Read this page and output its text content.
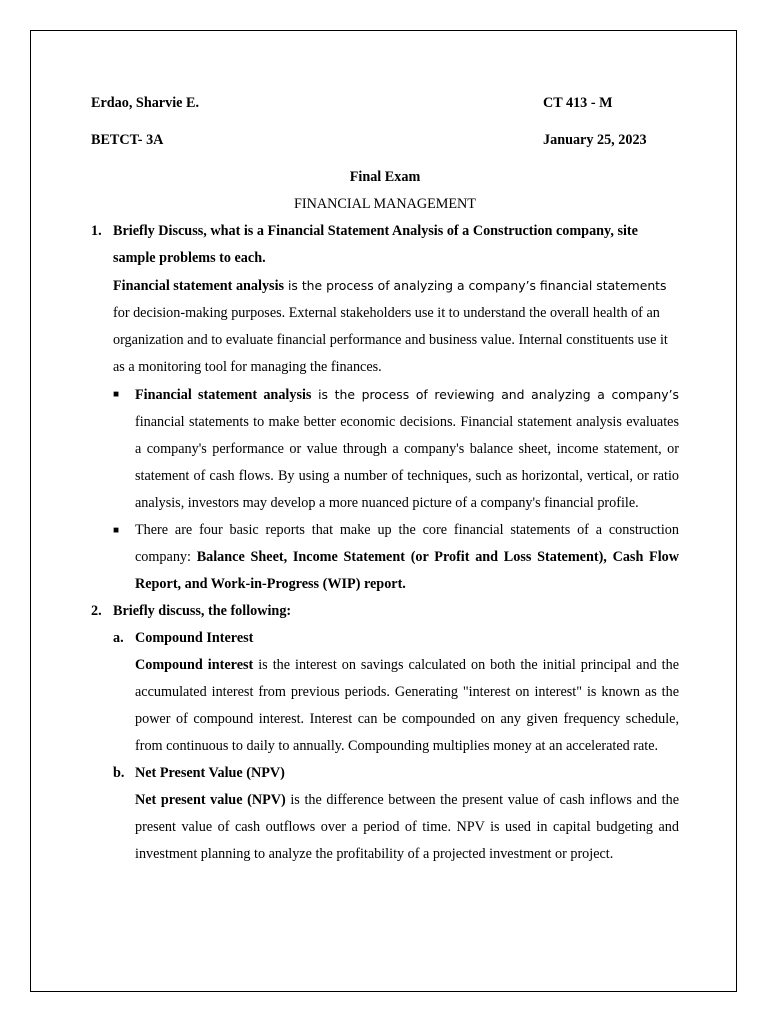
Erdao, Sharvie E.	CT 413 - M
BETCT- 3A	January 25, 2023
Final Exam
FINANCIAL MANAGEMENT
1. Briefly Discuss, what is a Financial Statement Analysis of a Construction company, site sample problems to each.
Financial statement analysis is the process of analyzing a company’s financial statements for decision-making purposes. External stakeholders use it to understand the overall health of an organization and to evaluate financial performance and business value. Internal constituents use it as a monitoring tool for managing the finances.
■ Financial statement analysis is the process of reviewing and analyzing a company’s financial statements to make better economic decisions. Financial statement analysis evaluates a company's performance or value through a company's balance sheet, income statement, or statement of cash flows. By using a number of techniques, such as horizontal, vertical, or ratio analysis, investors may develop a more nuanced picture of a company's financial profile.
■ There are four basic reports that make up the core financial statements of a construction company: Balance Sheet, Income Statement (or Profit and Loss Statement), Cash Flow Report, and Work-in-Progress (WIP) report.
2. Briefly discuss, the following:
a. Compound Interest
Compound interest is the interest on savings calculated on both the initial principal and the accumulated interest from previous periods. Generating "interest on interest" is known as the power of compound interest. Interest can be compounded on any given frequency schedule, from continuous to daily to annually. Compounding multiplies money at an accelerated rate.
b. Net Present Value (NPV)
Net present value (NPV) is the difference between the present value of cash inflows and the present value of cash outflows over a period of time. NPV is used in capital budgeting and investment planning to analyze the profitability of a projected investment or project.
